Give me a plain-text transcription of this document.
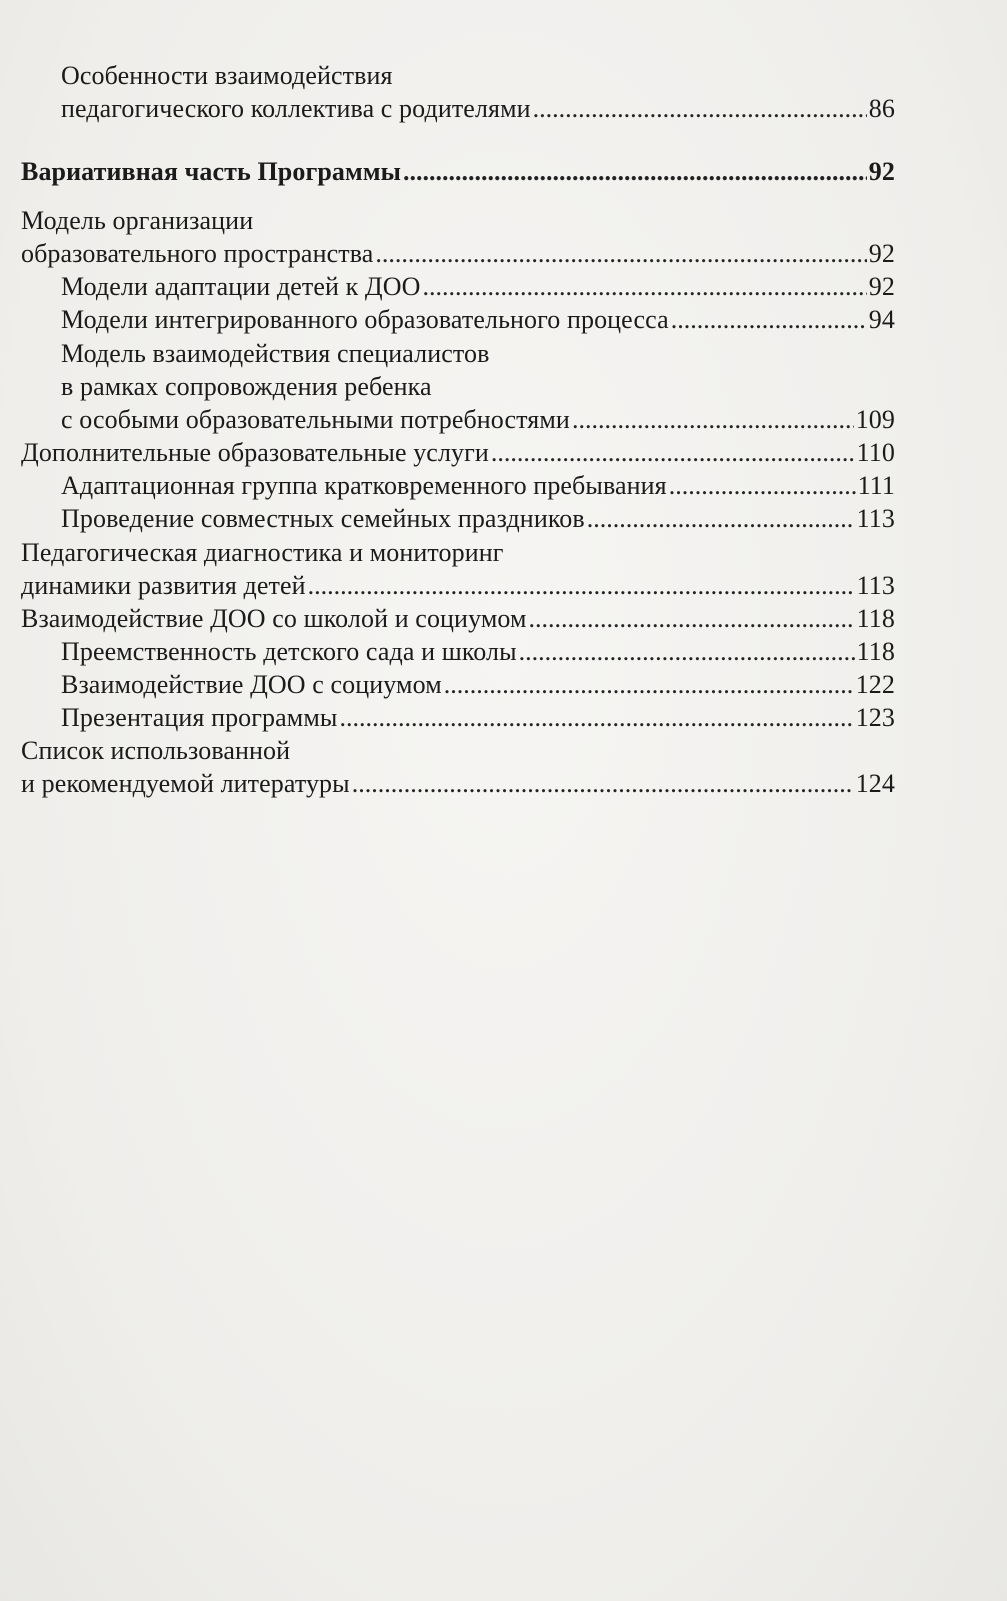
Особенности взаимодействия
педагогического коллектива с родителями .....	86
Вариативная часть Программы .....	92
Модель организации
образовательного пространства .....	92
Модели адаптации детей к ДОО .....	92
Модели интегрированного образовательного процесса .....	94
Модель взаимодействия специалистов
в рамках сопровождения ребенка
с особыми образовательными потребностями .....	109
Дополнительные образовательные услуги .....	110
Адаптационная группа кратковременного пребывания .....	111
Проведение совместных семейных праздников .....	113
Педагогическая диагностика и мониторинг
динамики развития детей .....	113
Взаимодействие ДОО со школой и социумом .....	118
Преемственность детского сада и школы .....	118
Взаимодействие ДОО с социумом .....	122
Презентация программы .....	123
Список использованной
и рекомендуемой литературы .....	124
